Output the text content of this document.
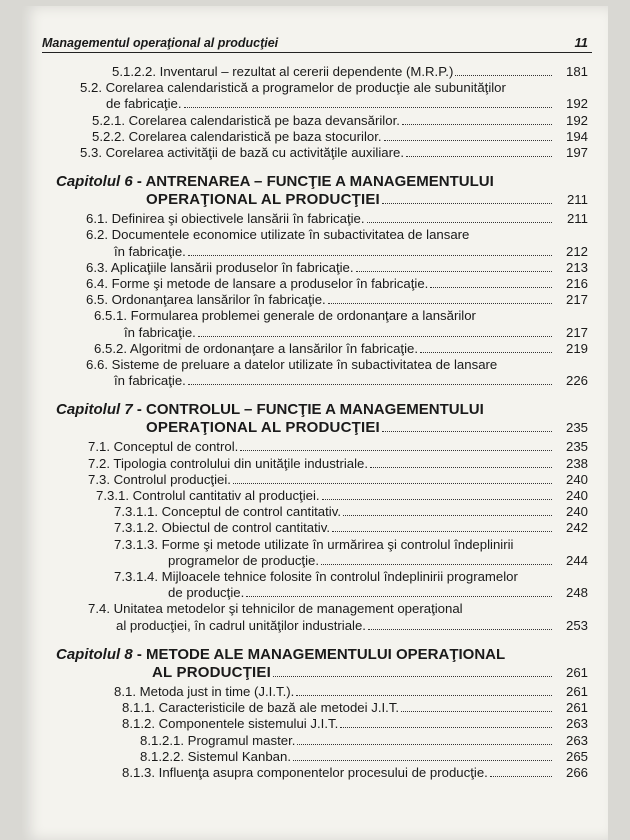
Managementul operaţional al producţiei	11
5.1.2.2. Inventarul – rezultat al cererii dependente (M.R.P.)	181
5.2. Corelarea calendaristică a programelor de producţie ale subunităţilor
de fabricaţie.	192
5.2.1. Corelarea calendaristică pe baza devansărilor.	192
5.2.2. Corelarea calendaristică pe baza stocurilor.	194
5.3. Corelarea activităţii de bază cu activităţile auxiliare.	197
Capitolul 6 - ANTRENAREA – FUNCŢIE A MANAGEMENTULUI
OPERAŢIONAL AL PRODUCŢIEI	211
6.1. Definirea şi obiectivele lansării în fabricaţie.	211
6.2. Documentele economice utilizate în subactivitatea de lansare
în fabricaţie.	212
6.3. Aplicaţiile lansării produselor în fabricaţie.	213
6.4. Forme şi metode de lansare a produselor în fabricaţie.	216
6.5. Ordonanţarea lansărilor în fabricaţie.	217
6.5.1. Formularea problemei generale de ordonanţare a lansărilor
în fabricaţie.	217
6.5.2. Algoritmi de ordonanţare a lansărilor în fabricaţie.	219
6.6. Sisteme de preluare a datelor utilizate în subactivitatea de lansare
în fabricaţie.	226
Capitolul 7 - CONTROLUL – FUNCŢIE A MANAGEMENTULUI
OPERAŢIONAL AL PRODUCŢIEI	235
7.1. Conceptul de control.	235
7.2. Tipologia controlului din unităţile industriale.	238
7.3. Controlul producţiei.	240
7.3.1. Controlul cantitativ al producţiei.	240
7.3.1.1. Conceptul de control cantitativ.	240
7.3.1.2. Obiectul de control cantitativ.	242
7.3.1.3. Forme şi metode utilizate în urmărirea şi controlul îndeplinirii
programelor de producţie.	244
7.3.1.4. Mijloacele tehnice folosite în controlul îndeplinirii programelor
de producţie.	248
7.4. Unitatea metodelor şi tehnicilor de management operaţional
al producţiei, în cadrul unităţilor industriale.	253
Capitolul 8 - METODE ALE MANAGEMENTULUI OPERAŢIONAL
AL PRODUCŢIEI	261
8.1. Metoda just in time (J.I.T.).	261
8.1.1. Caracteristicile de bază ale metodei J.I.T.	261
8.1.2. Componentele sistemului J.I.T.	263
8.1.2.1. Programul master.	263
8.1.2.2. Sistemul Kanban.	265
8.1.3. Influenţa asupra componentelor procesului de producţie.	266
